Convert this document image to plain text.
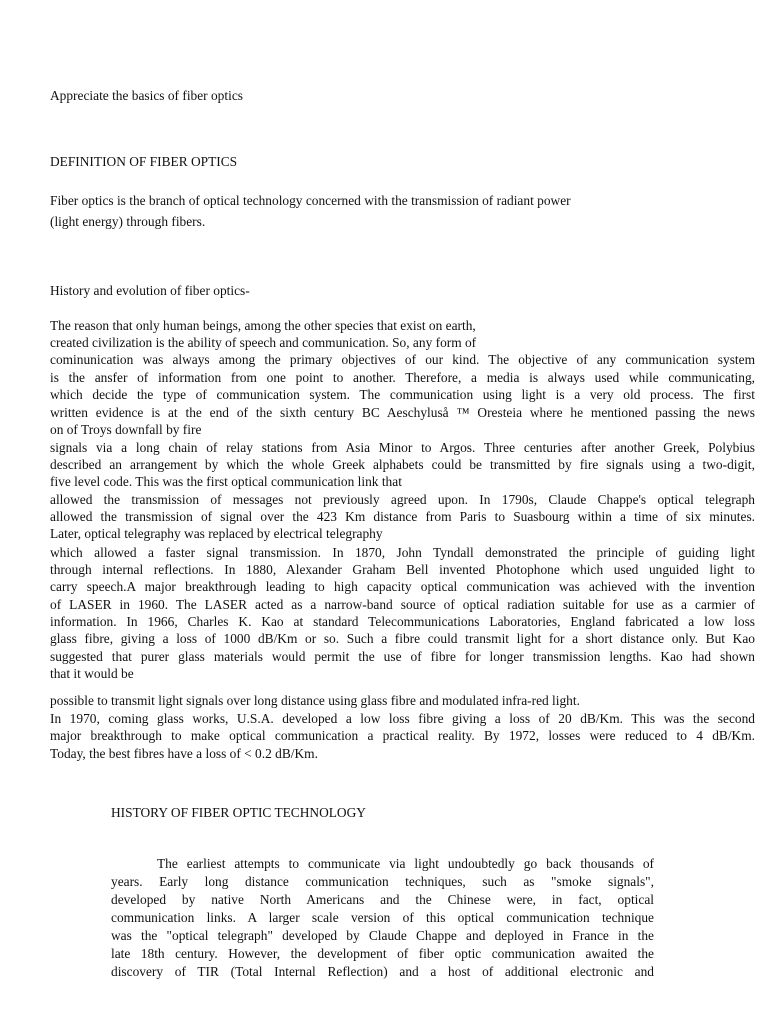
Appreciate the basics of fiber optics
DEFINITION OF FIBER OPTICS
Fiber optics is the branch of optical technology concerned with the transmission of radiant power
(light energy) through fibers.
History and evolution of fiber optics-
The reason that only human beings, among the other species that exist on earth,
created civilization is the ability of speech and communication. So, any form of
cominunication was always among the primary objectives of our kind. The objective of any communication system
is the ansfer of information from one point to another. Therefore, a media is always used while communicating,
which decide the type of communication system. The communication using light is a very old process. The first
written evidence is at the end of the sixth century BC Aeschyluså ™ Oresteia where he mentioned passing the news
on of Troys downfall by fire
signals via a long chain of relay stations from Asia Minor to Argos. Three centuries after another Greek, Polybius
described an arrangement by which the whole Greek alphabets could be transmitted by fire signals using a two-digit,
five level code. This was the first optical communication link that
allowed the transmission of messages not previously agreed upon. In 1790s, Claude Chappe's optical telegraph
allowed the transmission of signal over the 423 Km distance from Paris to Suasbourg within a time of six minutes.
Later, optical telegraphy was replaced by electrical telegraphy
which allowed a faster signal transmission. In 1870, John Tyndall demonstrated the principle of guiding light
through internal reflections. In 1880, Alexander Graham Bell invented Photophone which used unguided light to
carry speech.A major breakthrough leading to high capacity optical communication was achieved with the invention
of LASER in 1960. The LASER acted as a narrow-band source of optical radiation suitable for use as a carmier of
information. In 1966, Charles K. Kao at standard Telecommunications Laboratories, England fabricated a low loss
glass fibre, giving a loss of 1000 dB/Km or so. Such a fibre could transmit light for a short distance only. But Kao
suggested that purer glass materials would permit the use of fibre for longer transmission lengths. Kao had shown
that it would be
possible to transmit light signals over long distance using glass fibre and modulated infra-red light.
In 1970, coming glass works, U.S.A. developed a low loss fibre giving a loss of 20 dB/Km. This was the second
major breakthrough to make optical communication a practical reality. By 1972, losses were reduced to 4 dB/Km.
Today, the best fibres have a loss of < 0.2 dB/Km.
HISTORY OF FIBER OPTIC TECHNOLOGY
The earliest attempts to communicate via light undoubtedly go back thousands of
years. Early long distance communication techniques, such as "smoke signals",
developed by native North Americans and the Chinese were, in fact, optical
communication links. A larger scale version of this optical communication technique
was the "optical telegraph" developed by Claude Chappe and deployed in France in the
late 18th century. However, the development of fiber optic communication awaited the
discovery of TIR (Total Internal Reflection) and a host of additional electronic and
